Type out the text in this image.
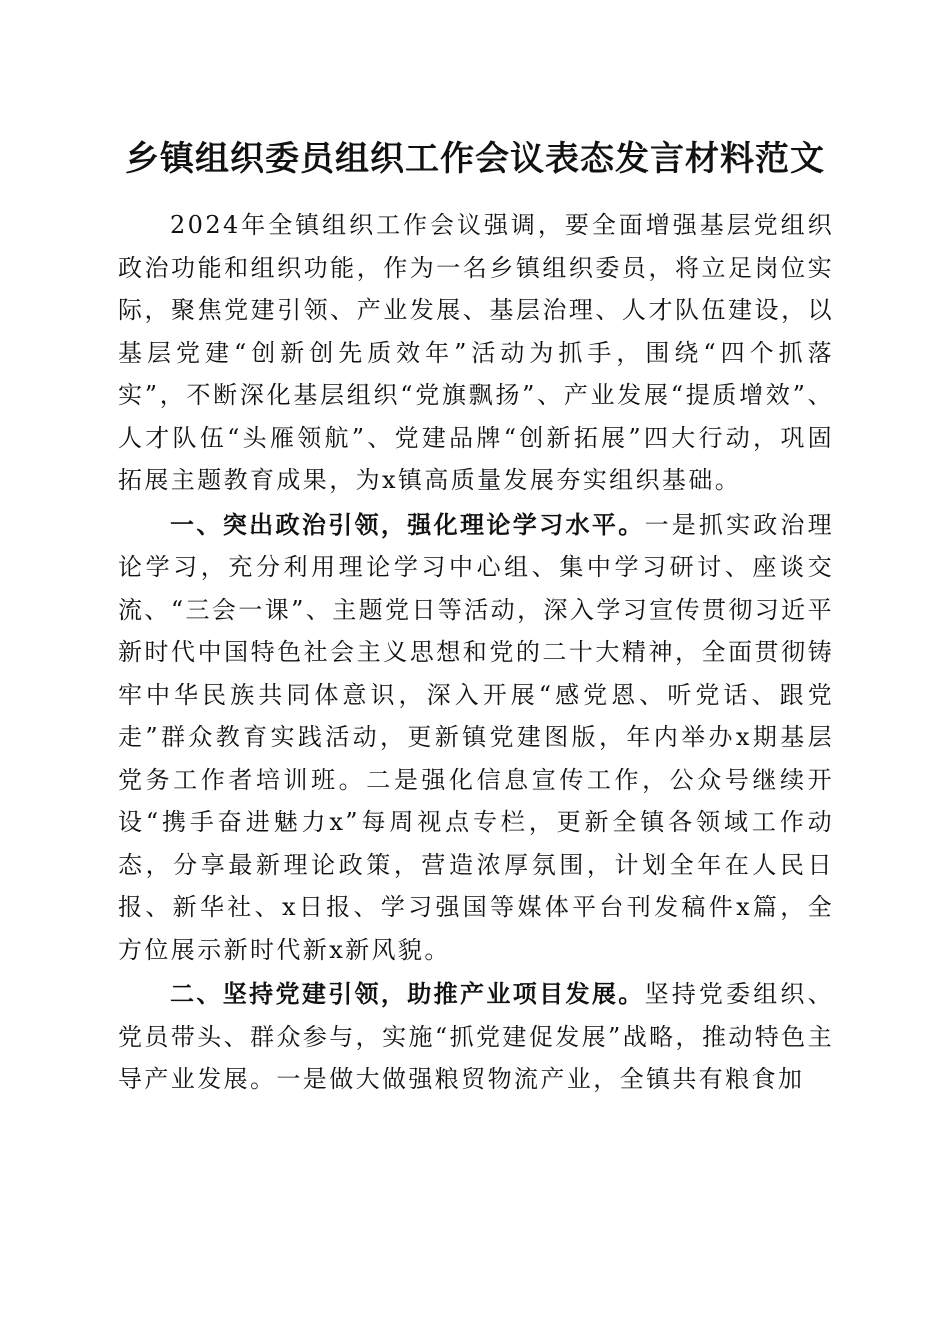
乡镇组织委员组织工作会议表态发言材料范文

2024年全镇组织工作会议强调，要全面增强基层党组织政治功能和组织功能，作为一名乡镇组织委员，将立足岗位实际，聚焦党建引领、产业发展、基层治理、人才队伍建设，以基层党建“创新创先质效年”活动为抓手，围绕“四个抓落实”，不断深化基层组织“党旗飘扬”、产业发展“提质增效”、人才队伍“头雁领航”、党建品牌“创新拓展”四大行动，巩固拓展主题教育成果，为x镇高质量发展夯实组织基础。

一、突出政治引领，强化理论学习水平。一是抓实政治理论学习，充分利用理论学习中心组、集中学习研讨、座谈交流、“三会一课”、主题党日等活动，深入学习宣传贯彻习近平新时代中国特色社会主义思想和党的二十大精神，全面贯彻铸牢中华民族共同体意识，深入开展“感党恩、听党话、跟党走”群众教育实践活动，更新镇党建图版，年内举办x期基层党务工作者培训班。二是强化信息宣传工作，公众号继续开设“携手奋进魅力x”每周视点专栏，更新全镇各领域工作动态，分享最新理论政策，营造浓厚氛围，计划全年在人民日报、新华社、x日报、学习强国等媒体平台刊发稿件x篇，全方位展示新时代新x新风貌。

二、坚持党建引领，助推产业项目发展。坚持党委组织、党员带头、群众参与，实施“抓党建促发展”战略，推动特色主导产业发展。一是做大做强粮贸物流产业，全镇共有粮食加
